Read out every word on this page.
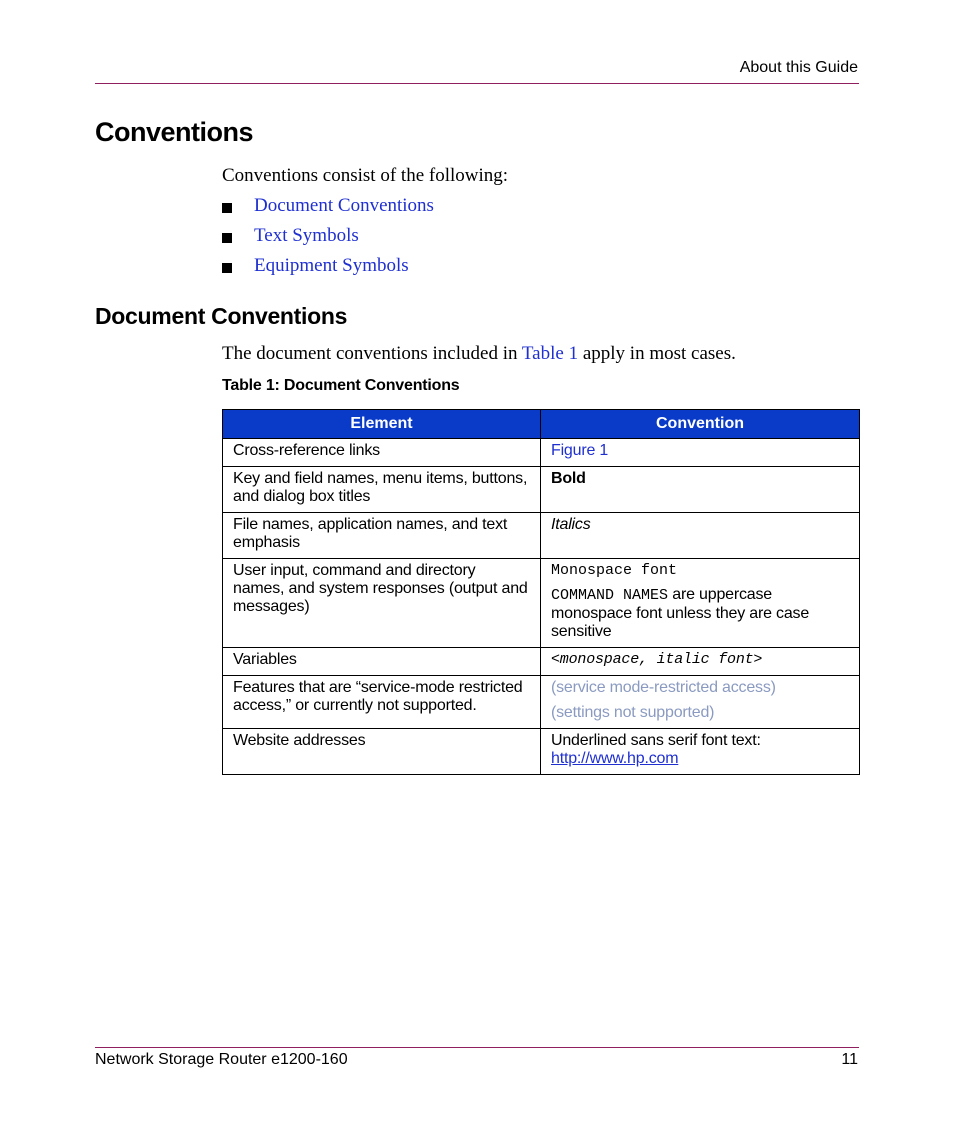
About this Guide
Conventions
Conventions consist of the following:
Document Conventions
Text Symbols
Equipment Symbols
Document Conventions
The document conventions included in Table 1 apply in most cases.
Table 1: Document Conventions
Element	Convention
Cross-reference links	Figure 1
Key and field names, menu items, buttons, and dialog box titles	Bold
File names, application names, and text emphasis	Italics
User input, command and directory names, and system responses (output and messages)	Monospace font
COMMAND NAMES are uppercase monospace font unless they are case sensitive

Variables	<monospace, italic font>
Features that are “service-mode restricted access,” or currently not supported.	(service mode-restricted access)
(settings not supported)

Website addresses	Underlined sans serif font text:
http://www.hp.com
Network Storage Router e1200-160	11
